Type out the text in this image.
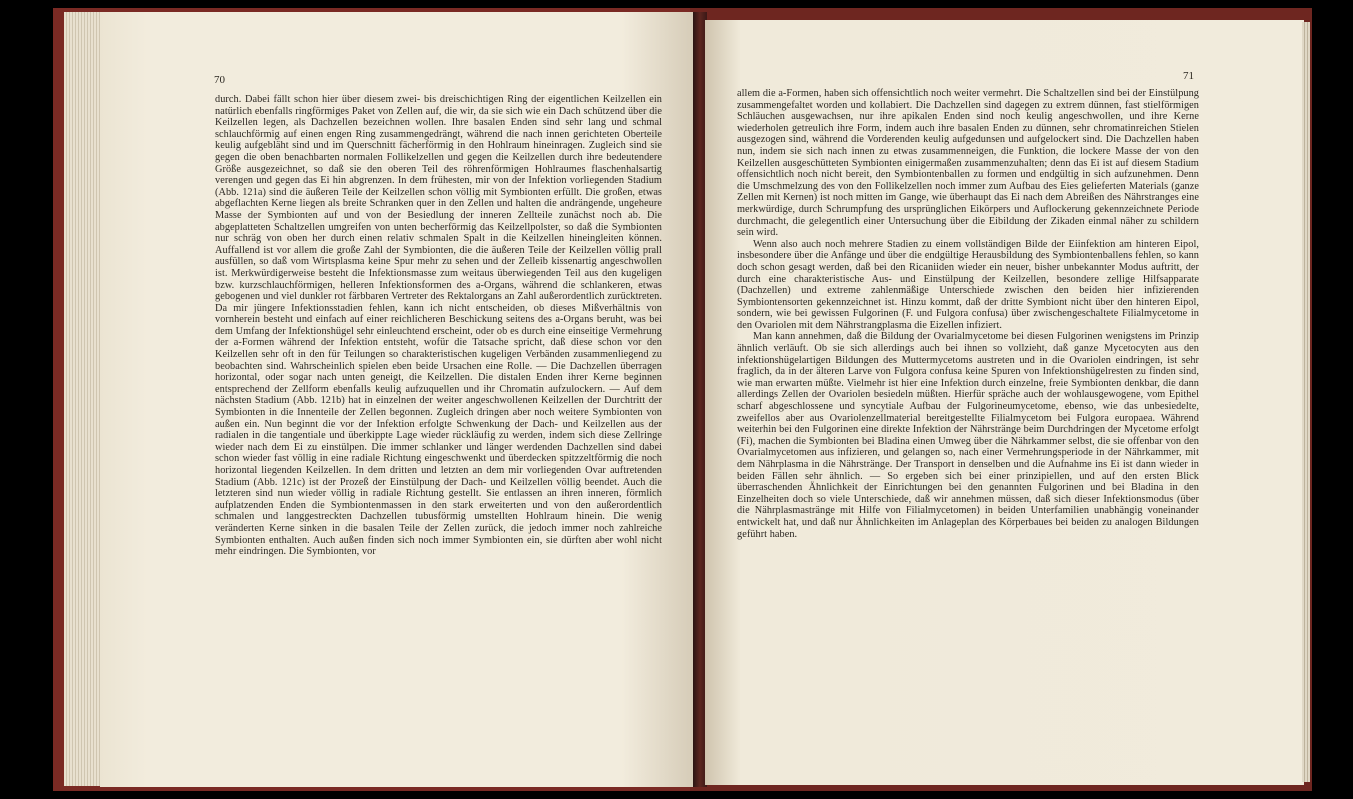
70

durch. Dabei fällt schon hier über diesem zwei- bis dreischichtigen Ring der eigentlichen Keilzellen ein natürlich ebenfalls ringförmiges Paket von Zellen auf, die wir, da sie sich wie ein Dach schützend über die Keilzellen legen, als Dachzellen bezeichnen wollen. Ihre basalen Enden sind sehr lang und schmal schlauchförmig auf einen engen Ring zusammengedrängt, während die nach innen gerichteten Oberteile keulig aufgebläht sind und im Querschnitt fächerförmig in den Hohlraum hineinragen. Zugleich sind sie gegen die oben benachbarten normalen Follikelzellen und gegen die Keilzellen durch ihre bedeutendere Größe ausgezeichnet, so daß sie den oberen Teil des röhrenförmigen Hohlraumes flaschenhalsartig verengen und gegen das Ei hin abgrenzen. In dem frühesten, mir von der Infektion vorliegenden Stadium (Abb. 121a) sind die äußeren Teile der Keilzellen schon völlig mit Symbionten erfüllt. Die großen, etwas abgeflachten Kerne liegen als breite Schranken quer in den Zellen und halten die andrängende, ungeheure Masse der Symbionten auf und von der Besiedlung der inneren Zellteile zunächst noch ab. Die abgeplatteten Schaltzellen umgreifen von unten becherförmig das Keilzellpolster, so daß die Symbionten nur schräg von oben her durch einen relativ schmalen Spalt in die Keilzellen hineingleiten können. Auffallend ist vor allem die große Zahl der Symbionten, die die äußeren Teile der Keilzellen völlig prall ausfüllen, so daß vom Wirtsplasma keine Spur mehr zu sehen und der Zelleib kissenartig angeschwollen ist. Merkwürdigerweise besteht die Infektionsmasse zum weitaus überwiegenden Teil aus den kugeligen bzw. kurzschlauchförmigen, helleren Infektionsformen des a-Organs, während die schlankeren, etwas gebogenen und viel dunkler rot färbbaren Vertreter des Rektalorgans an Zahl außerordentlich zurücktreten. Da mir jüngere Infektionsstadien fehlen, kann ich nicht entscheiden, ob dieses Mißverhältnis von vornherein besteht und einfach auf einer reichlicheren Beschickung seitens des a-Organs beruht, was bei dem Umfang der Infektionshügel sehr einleuchtend erscheint, oder ob es durch eine einseitige Vermehrung der a-Formen während der Infektion entsteht, wofür die Tatsache spricht, daß diese schon vor den Keilzellen sehr oft in den für Teilungen so charakteristischen kugeligen Verbänden zusammenliegend zu beobachten sind. Wahrscheinlich spielen eben beide Ursachen eine Rolle. — Die Dachzellen überragen horizontal, oder sogar nach unten geneigt, die Keilzellen. Die distalen Enden ihrer Kerne beginnen entsprechend der Zellform ebenfalls keulig aufzuquellen und ihr Chromatin aufzulockern. — Auf dem nächsten Stadium (Abb. 121b) hat in einzelnen der weiter angeschwollenen Keilzellen der Durchtritt der Symbionten in die Innenteile der Zellen begonnen. Zugleich dringen aber noch weitere Symbionten von außen ein. Nun beginnt die vor der Infektion erfolgte Schwenkung der Dach- und Keilzellen aus der radialen in die tangentiale und überkippte Lage wieder rückläufig zu werden, indem sich diese Zellringe wieder nach dem Ei zu einstülpen. Die immer schlanker und länger werdenden Dachzellen sind dabei schon wieder fast völlig in eine radiale Richtung eingeschwenkt und überdecken spitzzeltförmig die noch horizontal liegenden Keilzellen. In dem dritten und letzten an dem mir vorliegenden Ovar auftretenden Stadium (Abb. 121c) ist der Prozeß der Einstülpung der Dach- und Keilzellen völlig beendet. Auch die letzteren sind nun wieder völlig in radiale Richtung gestellt. Sie entlassen an ihren inneren, förmlich aufplatzenden Enden die Symbiontenmassen in den stark erweiterten und von den außerordentlich schmalen und langgestreckten Dachzellen tubusförmig umstellten Hohlraum hinein. Die wenig veränderten Kerne sinken in die basalen Teile der Zellen zurück, die jedoch immer noch zahlreiche Symbionten enthalten. Auch außen finden sich noch immer Symbionten ein, sie dürften aber wohl nicht mehr eindringen. Die Symbionten, vor

71

allem die a-Formen, haben sich offensichtlich noch weiter vermehrt. Die Schaltzellen sind bei der Einstülpung zusammengefaltet worden und kollabiert. Die Dachzellen sind dagegen zu extrem dünnen, fast stielförmigen Schläuchen ausgewachsen, nur ihre apikalen Enden sind noch keulig angeschwollen, und ihre Kerne wiederholen getreulich ihre Form, indem auch ihre basalen Enden zu dünnen, sehr chromatinreichen Stielen ausgezogen sind, während die Vorderenden keulig aufgedunsen und aufgelockert sind. Die Dachzellen haben nun, indem sie sich nach innen zu etwas zusammenneigen, die Funktion, die lockere Masse der von den Keilzellen ausgeschütteten Symbionten einigermaßen zusammenzuhalten; denn das Ei ist auf diesem Stadium offensichtlich noch nicht bereit, den Symbiontenballen zu formen und endgültig in sich aufzunehmen. Denn die Umschmelzung des von den Follikelzellen noch immer zum Aufbau des Eies gelieferten Materials (ganze Zellen mit Kernen) ist noch mitten im Gange, wie überhaupt das Ei nach dem Abreißen des Nährstranges eine merkwürdige, durch Schrumpfung des ursprünglichen Eikörpers und Auflockerung gekennzeichnete Periode durchmacht, die gelegentlich einer Untersuchung über die Eibildung der Zikaden einmal näher zu schildern sein wird.

Wenn also auch noch mehrere Stadien zu einem vollständigen Bilde der Eiinfektion am hinteren Eipol, insbesondere über die Anfänge und über die endgültige Herausbildung des Symbiontenballens fehlen, so kann doch schon gesagt werden, daß bei den Ricaniiden wieder ein neuer, bisher unbekannter Modus auftritt, der durch eine charakteristische Aus- und Einstülpung der Keilzellen, besondere zellige Hilfsapparate (Dachzellen) und extreme zahlenmäßige Unterschiede zwischen den beiden hier infizierenden Symbiontensorten gekennzeichnet ist. Hinzu kommt, daß der dritte Symbiont nicht über den hinteren Eipol, sondern, wie bei gewissen Fulgorinen (F. und Fulgora confusa) über zwischengeschaltete Filialmycetome in den Ovariolen mit dem Nährstrangplasma die Eizellen infiziert.

Man kann annehmen, daß die Bildung der Ovarialmycetome bei diesen Fulgorinen wenigstens im Prinzip ähnlich verläuft. Ob sie sich allerdings auch bei ihnen so vollzieht, daß ganze Mycetocyten aus den infektionshügelartigen Bildungen des Muttermycetoms austreten und in die Ovariolen eindringen, ist sehr fraglich, da in der älteren Larve von Fulgora confusa keine Spuren von Infektionshügelresten zu finden sind, wie man erwarten müßte. Vielmehr ist hier eine Infektion durch einzelne, freie Symbionten denkbar, die dann allerdings Zellen der Ovariolen besiedeln müßten. Hierfür spräche auch der wohlausgewogene, vom Epithel scharf abgeschlossene und syncytiale Aufbau der Fulgorineumycetome, ebenso, wie das unbesiedelte, zweifellos aber aus Ovariolenzellmaterial bereitgestellte Filialmycetom bei Fulgora europaea. Während weiterhin bei den Fulgorinen eine direkte Infektion der Nährstränge beim Durchdringen der Mycetome erfolgt (Fi), machen die Symbionten bei Bladina einen Umweg über die Nährkammer selbst, die sie offenbar von den Ovarialmycetomen aus infizieren, und gelangen so, nach einer Vermehrungsperiode in der Nährkammer, mit dem Nährplasma in die Nährstränge. Der Transport in denselben und die Aufnahme ins Ei ist dann wieder in beiden Fällen sehr ähnlich. — So ergeben sich bei einer prinzipiellen, und auf den ersten Blick überraschenden Ähnlichkeit der Einrichtungen bei den genannten Fulgorinen und bei Bladina in den Einzelheiten doch so viele Unterschiede, daß wir annehmen müssen, daß sich dieser Infektionsmodus (über die Nährplasmastränge mit Hilfe von Filialmycetomen) in beiden Unterfamilien unabhängig voneinander entwickelt hat, und daß nur Ähnlichkeiten im Anlageplan des Körperbaues bei beiden zu analogen Bildungen geführt haben.
